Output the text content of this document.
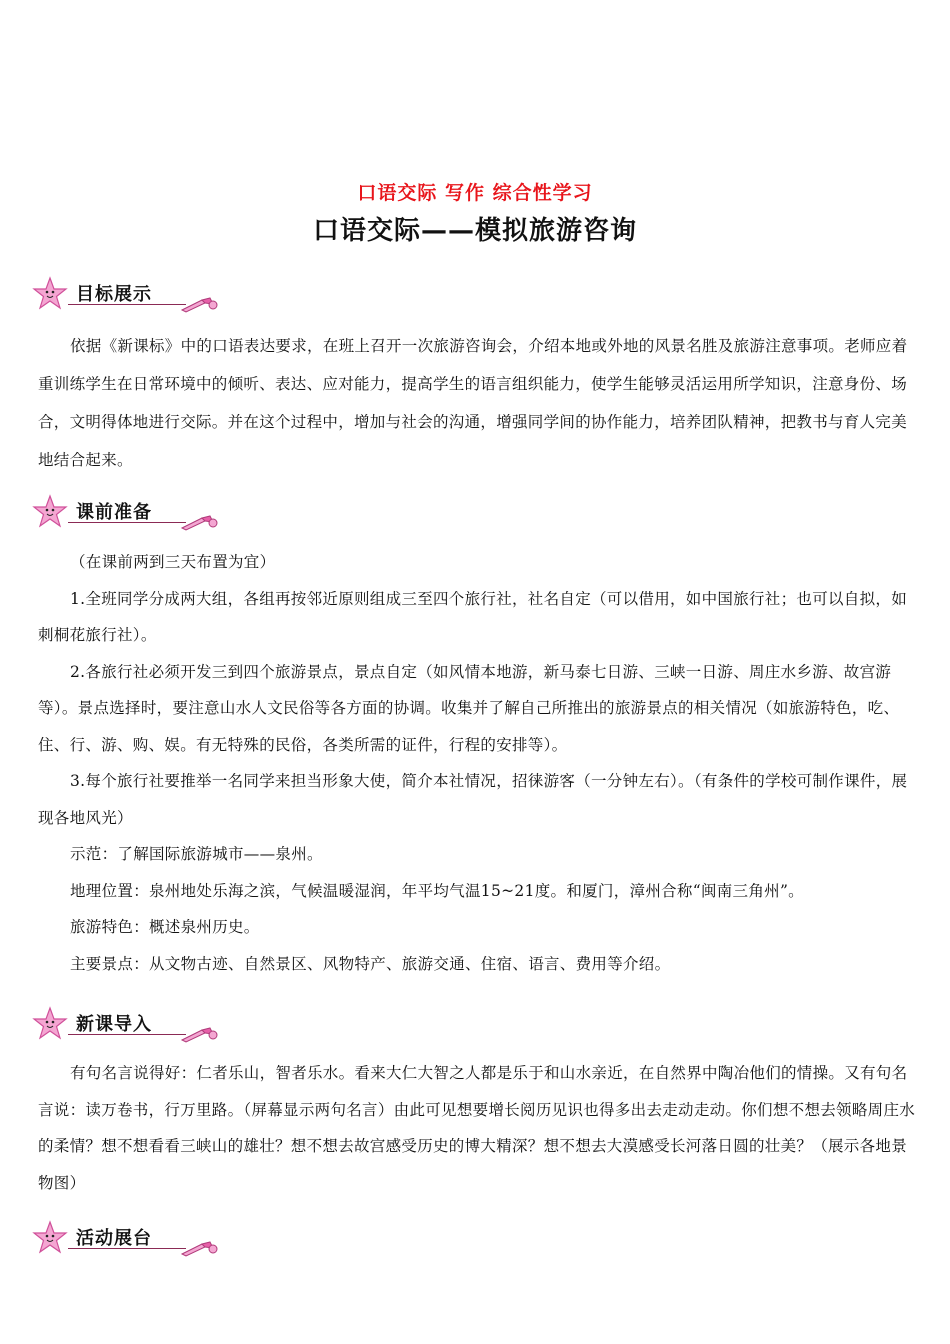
口语交际 写作 综合性学习
口语交际——模拟旅游咨询
目标展示

依据《新课标》中的口语表达要求，在班上召开一次旅游咨询会，介绍本地或外地的风景名胜及旅游注意事项。老师应着重训练学生在日常环境中的倾听、表达、应对能力，提高学生的语言组织能力，使学生能够灵活运用所学知识，注意身份、场合，文明得体地进行交际。并在这个过程中，增加与社会的沟通，增强同学间的协作能力，培养团队精神，把教书与育人完美地结合起来。

课前准备

（在课前两到三天布置为宜）

1.全班同学分成两大组，各组再按邻近原则组成三至四个旅行社，社名自定（可以借用，如中国旅行社；也可以自拟，如刺桐花旅行社）。

2.各旅行社必须开发三到四个旅游景点，景点自定（如风情本地游，新马泰七日游、三峡一日游、周庄水乡游、故宫游等）。景点选择时，要注意山水人文民俗等各方面的协调。收集并了解自己所推出的旅游景点的相关情况（如旅游特色，吃、住、行、游、购、娱。有无特殊的民俗，各类所需的证件，行程的安排等）。

3.每个旅行社要推举一名同学来担当形象大使，简介本社情况，招徕游客（一分钟左右）。（有条件的学校可制作课件，展现各地风光）

示范：了解国际旅游城市——泉州。

地理位置：泉州地处乐海之滨，气候温暖湿润，年平均气温15~21度。和厦门，漳州合称“闽南三角州”。

旅游特色：概述泉州历史。

主要景点：从文物古迹、自然景区、风物特产、旅游交通、住宿、语言、费用等介绍。

新课导入

有句名言说得好：仁者乐山，智者乐水。看来大仁大智之人都是乐于和山水亲近，在自然界中陶冶他们的情操。又有句名言说：读万卷书，行万里路。（屏幕显示两句名言）由此可见想要增长阅历见识也得多出去走动走动。你们想不想去领略周庄水的柔情？想不想看看三峡山的雄壮？想不想去故宫感受历史的博大精深？想不想去大漠感受长河落日圆的壮美？（展示各地景物图）

活动展台
